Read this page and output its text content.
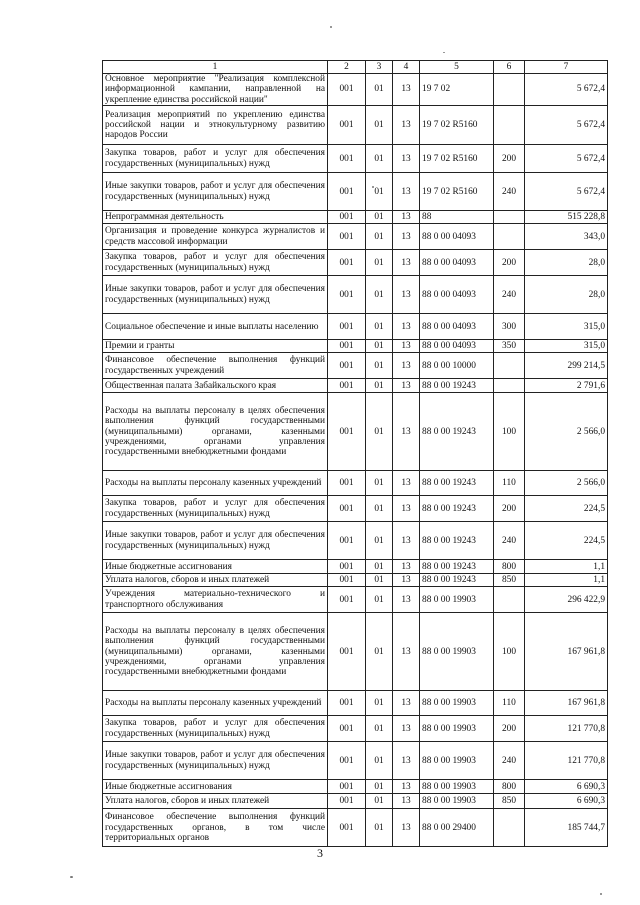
1	2	3	4	5	6	7
Основное мероприятие "Реализация комплексной информационной кампании, направленной на укрепление единства российской нации"	001	01	13	19 7 02		5 672,4
Реализация мероприятий по укреплению единства российской нации и этнокультурному развитию народов России	001	01	13	19 7 02 R5160		5 672,4
Закупка товаров, работ и услуг для обеспечения государственных (муниципальных) нужд	001	01	13	19 7 02 R5160	200	5 672,4
Иные закупки товаров, работ и услуг для обеспечения государственных (муниципальных) нужд	001	01	13	19 7 02 R5160	240	5 672,4
Непрограммная деятельность	001	01	13	88		515 228,8
Организация и проведение конкурса журналистов и средств массовой информации	001	01	13	88 0 00 04093		343,0
Закупка товаров, работ и услуг для обеспечения государственных (муниципальных) нужд	001	01	13	88 0 00 04093	200	28,0
Иные закупки товаров, работ и услуг для обеспечения государственных (муниципальных) нужд	001	01	13	88 0 00 04093	240	28,0
Социальное обеспечение и иные выплаты населению	001	01	13	88 0 00 04093	300	315,0
Премии и гранты	001	01	13	88 0 00 04093	350	315,0
Финансовое обеспечение выполнения функций государственных учреждений	001	01	13	88 0 00 10000		299 214,5
Общественная палата Забайкальского края	001	01	13	88 0 00 19243		2 791,6
Расходы на выплаты персоналу в целях обеспечения выполнения функций государственными (муниципальными) органами, казенными учреждениями, органами управления государственными внебюджетными фондами	001	01	13	88 0 00 19243	100	2 566,0
Расходы на выплаты персоналу казенных учреждений	001	01	13	88 0 00 19243	110	2 566,0
Закупка товаров, работ и услуг для обеспечения государственных (муниципальных) нужд	001	01	13	88 0 00 19243	200	224,5
Иные закупки товаров, работ и услуг для обеспечения государственных (муниципальных) нужд	001	01	13	88 0 00 19243	240	224,5
Иные бюджетные ассигнования	001	01	13	88 0 00 19243	800	1,1
Уплата налогов, сборов и иных платежей	001	01	13	88 0 00 19243	850	1,1
Учреждения материально-технического и транспортного обслуживания	001	01	13	88 0 00 19903		296 422,9
Расходы на выплаты персоналу в целях обеспечения выполнения функций государственными (муниципальными) органами, казенными учреждениями, органами управления государственными внебюджетными фондами	001	01	13	88 0 00 19903	100	167 961,8
Расходы на выплаты персоналу казенных учреждений	001	01	13	88 0 00 19903	110	167 961,8
Закупка товаров, работ и услуг для обеспечения государственных (муниципальных) нужд	001	01	13	88 0 00 19903	200	121 770,8
Иные закупки товаров, работ и услуг для обеспечения государственных (муниципальных) нужд	001	01	13	88 0 00 19903	240	121 770,8
Иные бюджетные ассигнования	001	01	13	88 0 00 19903	800	6 690,3
Уплата налогов, сборов и иных платежей	001	01	13	88 0 00 19903	850	6 690,3
Финансовое обеспечение выполнения функций государственных органов, в том числе территориальных органов	001	01	13	88 0 00 29400		185 744,7
3
